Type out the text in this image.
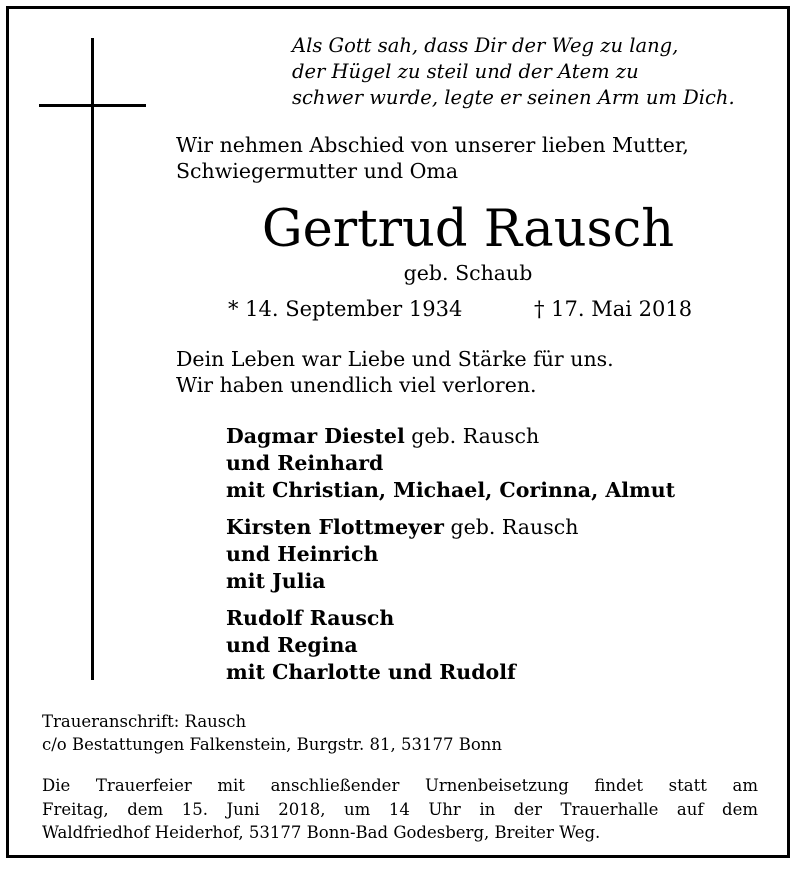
Als Gott sah, dass Dir der Weg zu lang,
der Hügel zu steil und der Atem zu
schwer wurde, legte er seinen Arm um Dich.
Wir nehmen Abschied von unserer lieben Mutter,
Schwiegermutter und Oma
Gertrud Rausch
geb. Schaub
* 14. September 1934	† 17. Mai 2018
Dein Leben war Liebe und Stärke für uns.
Wir haben unendlich viel verloren.
Dagmar Diestel geb. Rausch
und Reinhard
mit Christian, Michael, Corinna, Almut
Kirsten Flottmeyer geb. Rausch
und Heinrich
mit Julia
Rudolf Rausch
und Regina
mit Charlotte und Rudolf
Traueranschrift: Rausch
c/o Bestattungen Falkenstein, Burgstr. 81, 53177 Bonn
Die Trauerfeier mit anschließender Urnenbeisetzung findet statt am
Freitag, dem 15. Juni 2018, um 14 Uhr in der Trauerhalle auf dem
Waldfriedhof Heiderhof, 53177 Bonn-Bad Godesberg, Breiter Weg.
